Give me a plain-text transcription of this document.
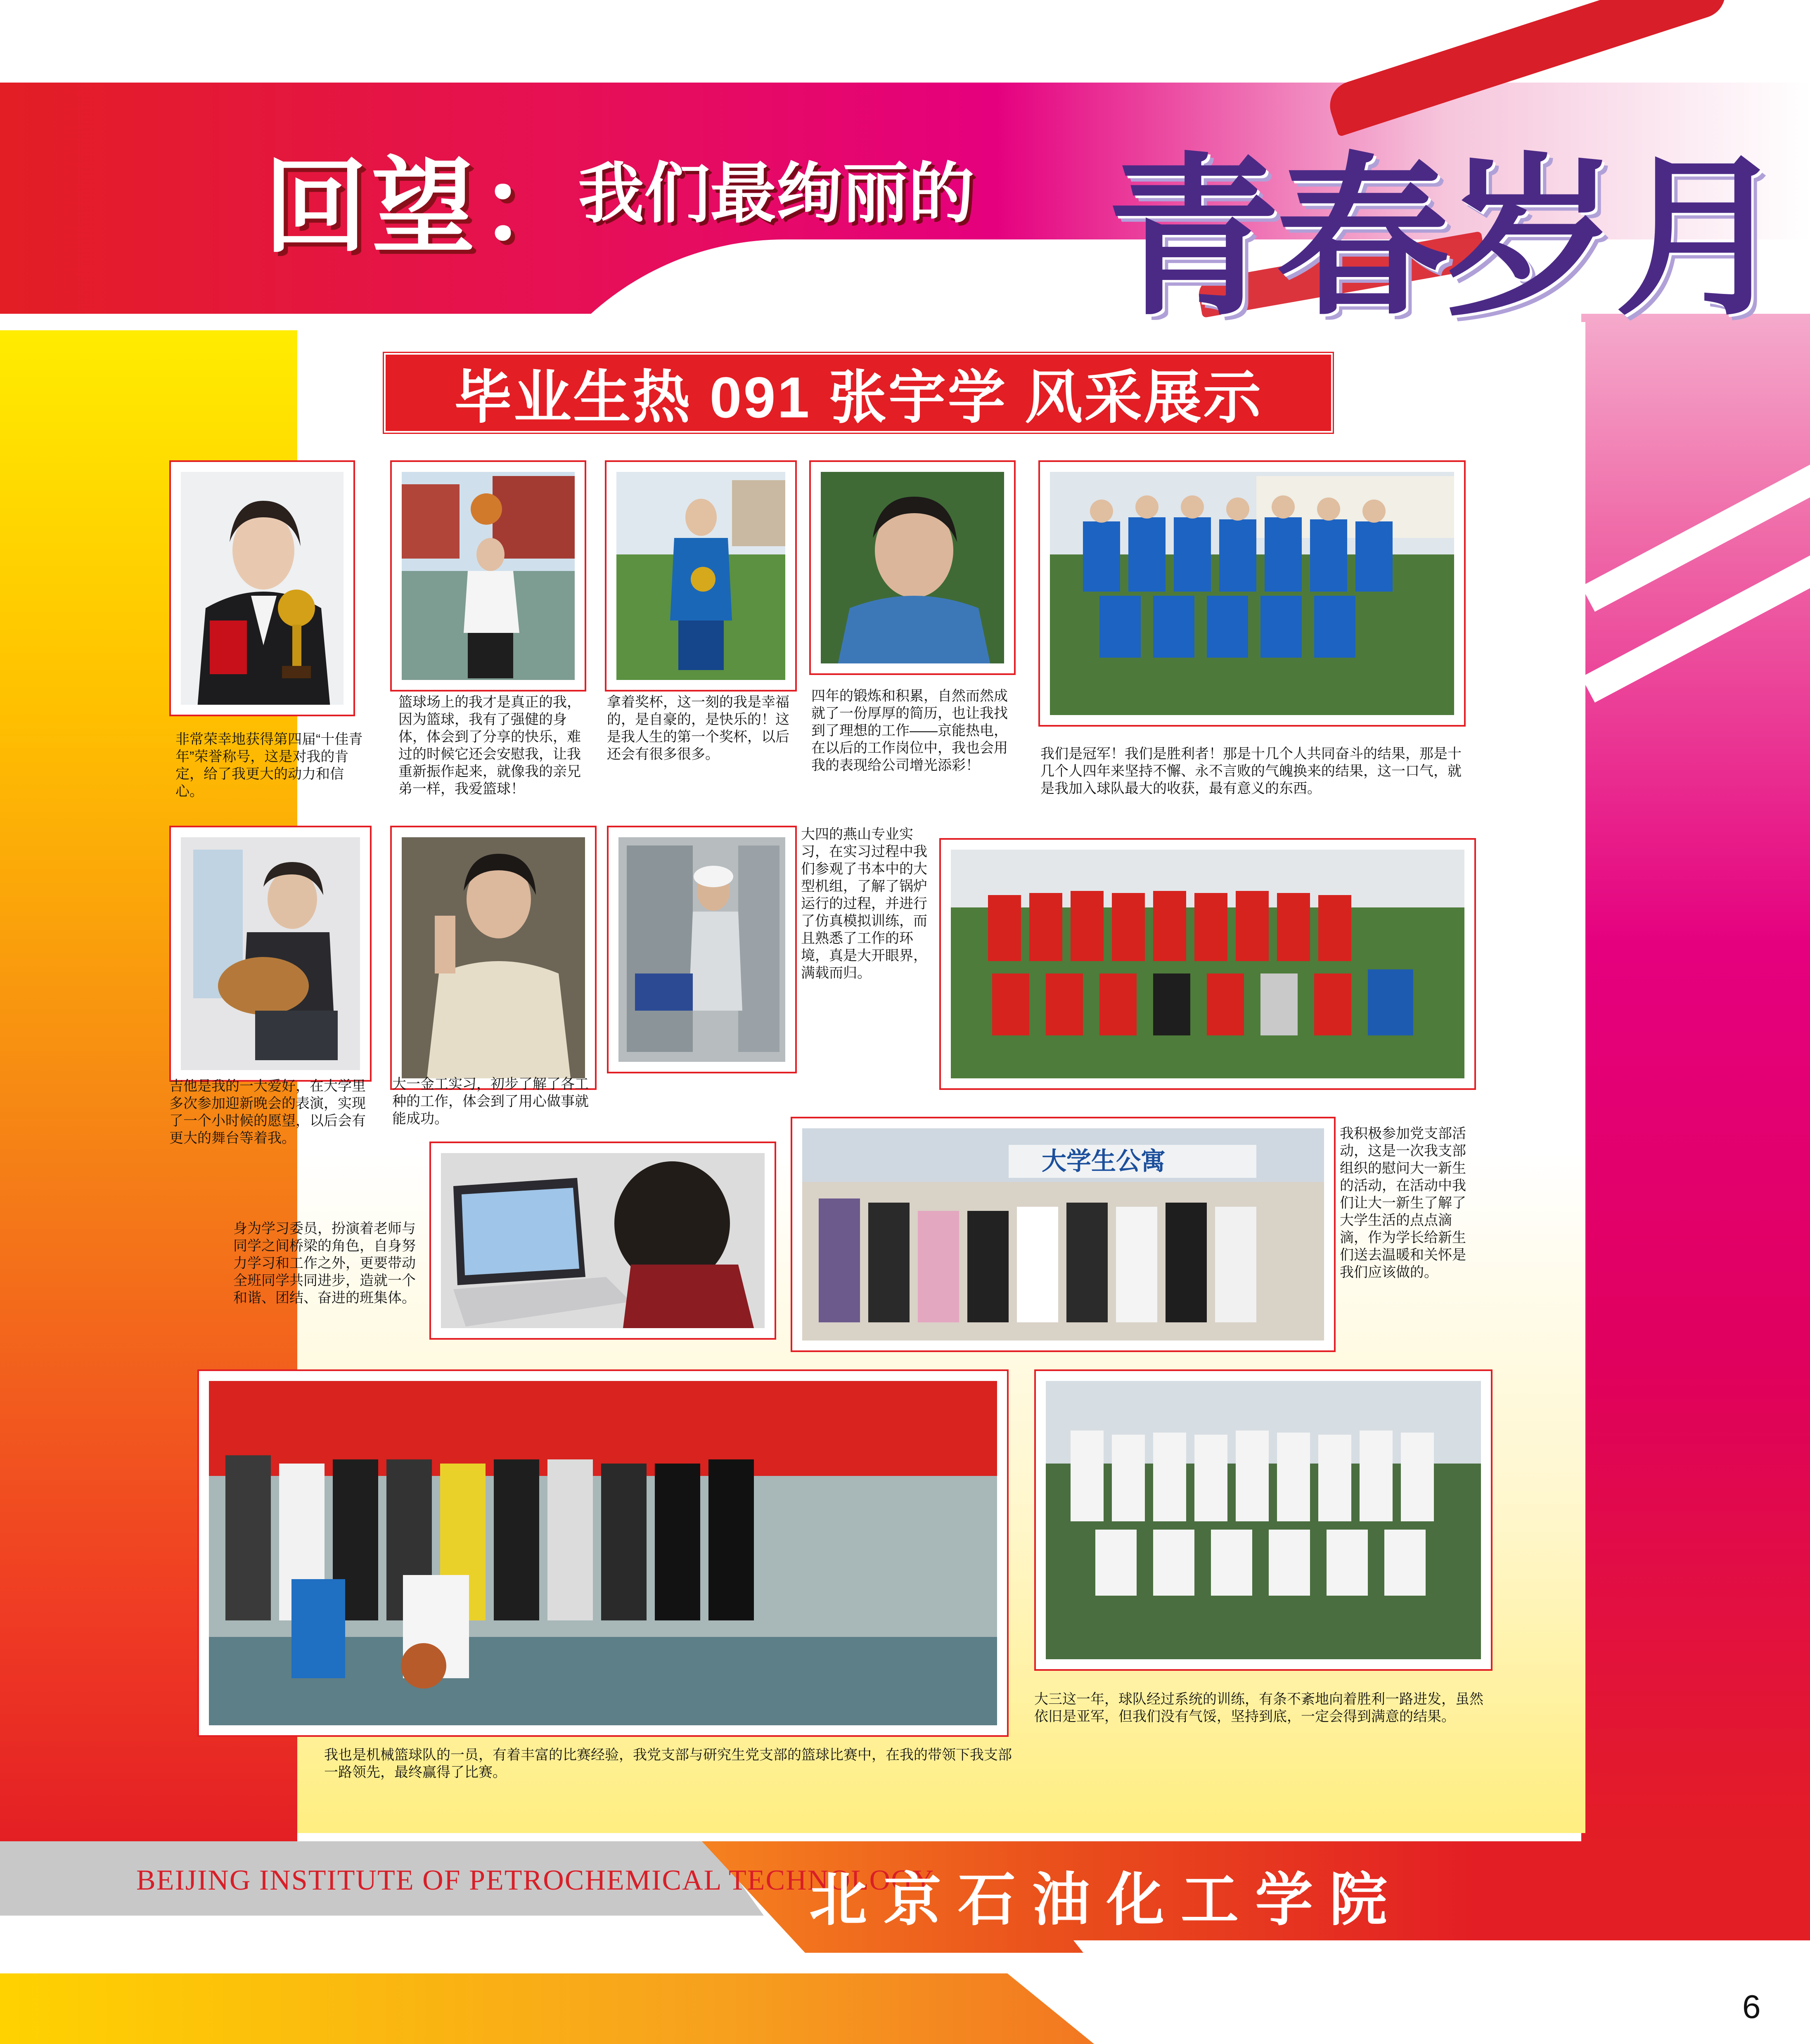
回望：
我们最绚丽的 青春岁月
毕业生热 091 张宇学 风采展示
非常荣幸地获得第四届“十佳青年”荣誉称号，这是对我的肯定，给了我更大的动力和信心。
篮球场上的我才是真正的我，因为篮球，我有了强健的身体，体会到了分享的快乐，难过的时候它还会安慰我，让我重新振作起来，就像我的亲兄弟一样，我爱篮球！
拿着奖杯，这一刻的我是幸福的，是自豪的，是快乐的！这是我人生的第一个奖杯，以后还会有很多很多。
四年的锻炼和积累，自然而然成就了一份厚厚的简历，也让我找到了理想的工作——京能热电，在以后的工作岗位中，我也会用我的表现给公司增光添彩！
我们是冠军！我们是胜利者！那是十几个人共同奋斗的结果，那是十几个人四年来坚持不懈、永不言败的气魄换来的结果，这一口气，就是我加入球队最大的收获，最有意义的东西。
吉他是我的一大爱好，在大学里多次参加迎新晚会的表演，实现了一个小时候的愿望，以后会有更大的舞台等着我。
大一金工实习，初步了解了各工种的工作，体会到了用心做事就能成功。
大四的燕山专业实习，在实习过程中我们参观了书本中的大型机组，了解了锅炉运行的过程，并进行了仿真模拟训练，而且熟悉了工作的环境，真是大开眼界，满载而归。
大学生公寓
身为学习委员，扮演着老师与同学之间桥梁的角色，自身努力学习和工作之外，更要带动全班同学共同进步，造就一个和谐、团结、奋进的班集体。
我积极参加党支部活动，这是一次我支部组织的慰问大一新生的活动，在活动中我们让大一新生了解了大学生活的点点滴滴，作为学长给新生们送去温暖和关怀是我们应该做的。
我也是机械篮球队的一员，有着丰富的比赛经验，我党支部与研究生党支部的篮球比赛中，在我的带领下我支部一路领先，最终赢得了比赛。
大三这一年，球队经过系统的训练，有条不紊地向着胜利一路进发，虽然依旧是亚军，但我们没有气馁，坚持到底，一定会得到满意的结果。
BEIJING INSTITUTE OF PETROCHEMICAL TECHNOLOGY
北京石油化工学院
6
